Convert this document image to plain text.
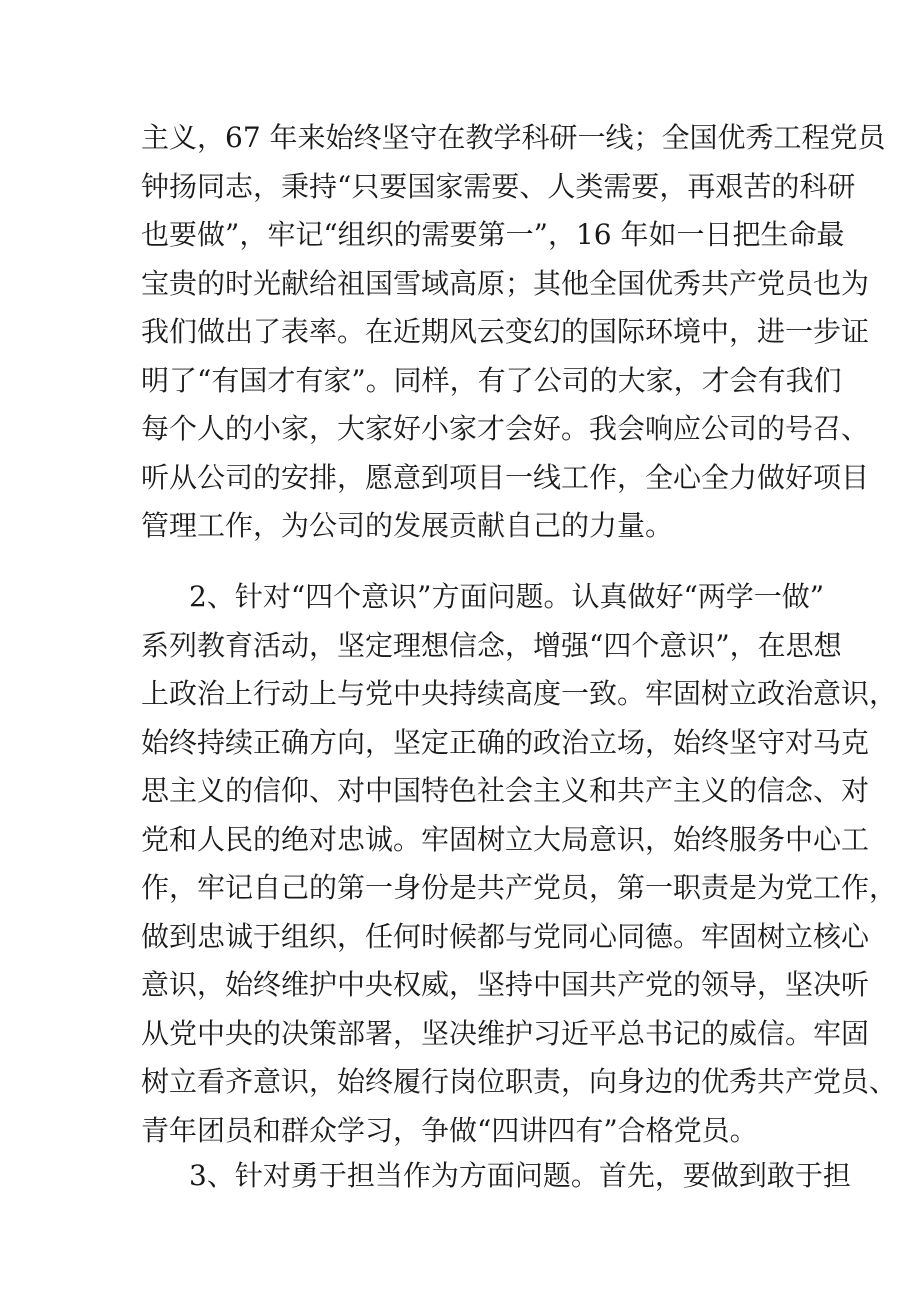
主义，67 年来始终坚守在教学科研一线；全国优秀工程党员
钟扬同志，秉持“只要国家需要、人类需要，再艰苦的科研
也要做”，牢记“组织的需要第一”，16 年如一日把生命最
宝贵的时光献给祖国雪域高原；其他全国优秀共产党员也为
我们做出了表率。在近期风云变幻的国际环境中，进一步证
明了“有国才有家”。同样，有了公司的大家，才会有我们
每个人的小家，大家好小家才会好。我会响应公司的号召、
听从公司的安排，愿意到项目一线工作，全心全力做好项目
管理工作，为公司的发展贡献自己的力量。
2、针对“四个意识”方面问题。认真做好“两学一做”
系列教育活动，坚定理想信念，增强“四个意识”，在思想
上政治上行动上与党中央持续高度一致。牢固树立政治意识，
始终持续正确方向，坚定正确的政治立场，始终坚守对马克
思主义的信仰、对中国特色社会主义和共产主义的信念、对
党和人民的绝对忠诚。牢固树立大局意识，始终服务中心工
作，牢记自己的第一身份是共产党员，第一职责是为党工作，
做到忠诚于组织，任何时候都与党同心同德。牢固树立核心
意识，始终维护中央权威，坚持中国共产党的领导，坚决听
从党中央的决策部署，坚决维护习近平总书记的威信。牢固
树立看齐意识，始终履行岗位职责，向身边的优秀共产党员、
青年团员和群众学习，争做“四讲四有”合格党员。
3、针对勇于担当作为方面问题。首先，要做到敢于担
